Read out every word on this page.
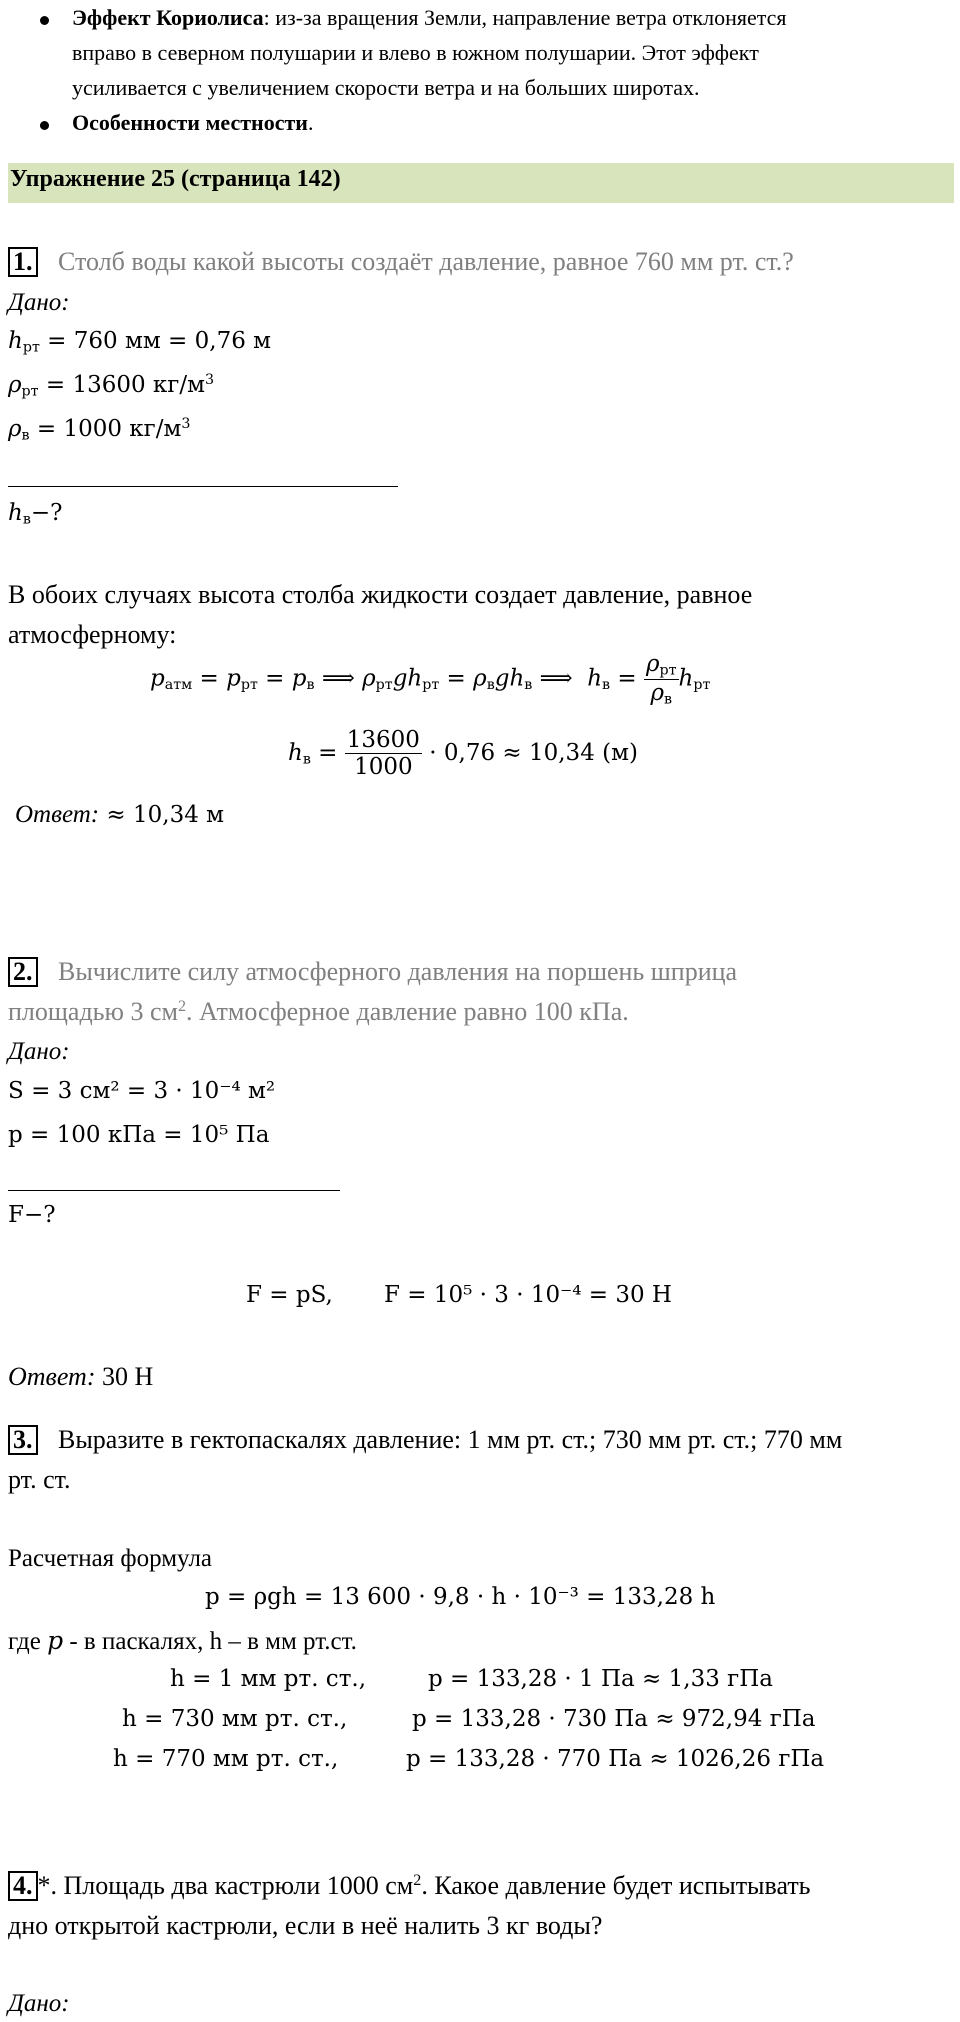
Эффект Кориолиса: из-за вращения Земли, направление ветра отклоняется
вправо в северном полушарии и влево в южном полушарии. Этот эффект
усиливается с увеличением скорости ветра и на больших широтах.
Особенности местности.
Упражнение 25 (страница 142)
1. Столб воды какой высоты создаёт давление, равное 760 мм рт. ст.?
Дано:
$h_{рт} = 760$ мм = 0,76 м
$\rho_{рт} = 13600$ $кг/м^3$
$\rho_в = 1000$ $кг/м^3$
$h_в-$?
В обоих случаях высота столба жидкости создает давление, равное
атмосферному:
$p_{атм} = p_{рт} = p_в$ ⟹ $\rho_{рт}gh_{рт} = \rho_вgh_в$ ⟹  $h_в = \frac{\rho_{рт}}{\rho_в} h_{рт}$
$h_в = \frac{13600}{1000} \cdot 0,76 \approx 10,34$ (м)
Ответ: ≈ 10,34 м
2. Вычислите силу атмосферного давления на поршень шприца
площадью 3 $см^2$. Атмосферное давление равно 100 кПа.
Дано:
S = 3 см² = 3 · 10⁻⁴ м²
p = 100 кПа = 10⁵ Па
F−?
F = pS,       F = 10⁵ · 3 · 10⁻⁴ = 30 Н
Ответ: 30 Н
3. Выразите в гектопаскалях давление: 1 мм рт. ст.; 730 мм рт. ст.; 770 мм
рт. ст.
Расчетная формула
p = ρgh = 13 600 · 9,8 · h · 10⁻³ = 133,28 h
где p - в паскалях, h – в мм рт.ст.
h = 1 мм рт. ст.,	p = 133,28 · 1 Па ≈ 1,33 гПа
h = 730 мм рт. ст.,	p = 133,28 · 730 Па ≈ 972,94 гПа
h = 770 мм рт. ст.,	p = 133,28 · 770 Па ≈ 1026,26 гПа
4. *. Площадь два кастрюли 1000 $см^2$. Какое давление будет испытывать
дно открытой кастрюли, если в неё налить 3 кг воды?
Дано:
